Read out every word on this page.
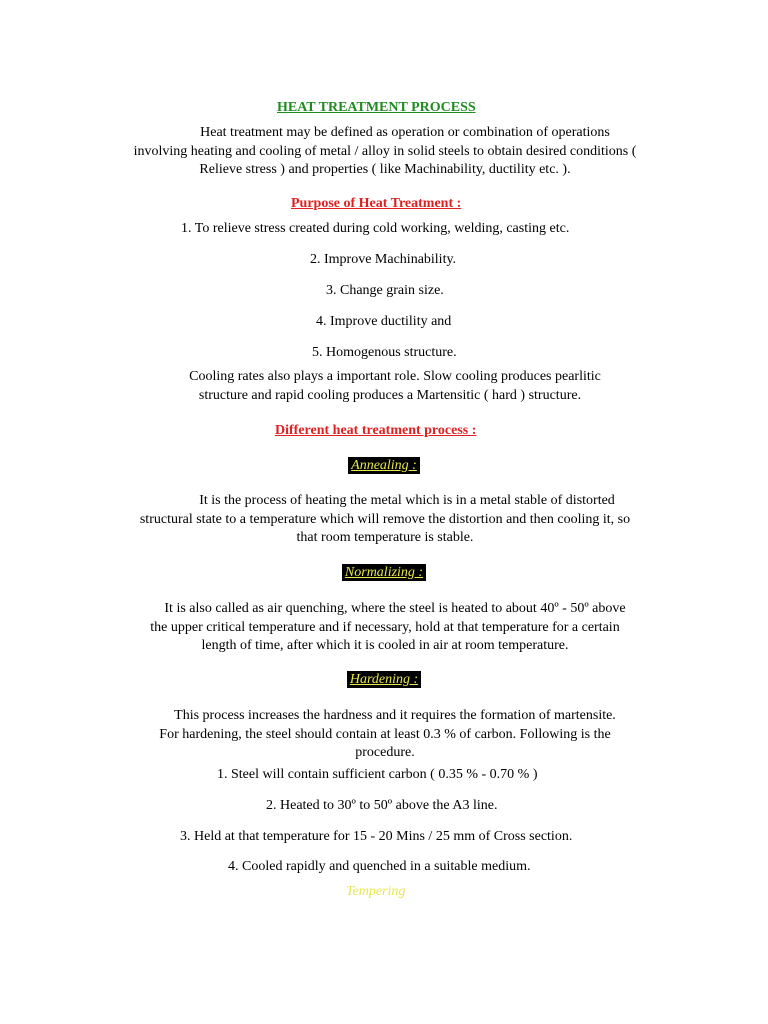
HEAT TREATMENT PROCESS
Heat treatment may be defined as operation or combination of operations
involving heating and cooling of metal / alloy in solid steels to obtain desired conditions (
Relieve stress ) and properties ( like Machinability, ductility etc. ).
Purpose of Heat Treatment :
1. To relieve stress created during cold working, welding, casting etc.
2. Improve Machinability.
3. Change grain size.
4. Improve ductility and
5. Homogenous structure.
Cooling rates also plays a important role. Slow cooling produces pearlitic
structure and rapid cooling produces a Martensitic ( hard ) structure.
Different heat treatment process :
Annealing :
It is the process of heating the metal which is in a metal stable of distorted
structural state to a temperature which will remove the distortion and then cooling it, so
that room temperature is stable.
Normalizing :
It is also called as air quenching, where the steel is heated to about 40º - 50º above
the upper critical temperature and if necessary, hold at that temperature for a certain
length of time, after which it is cooled in air at room temperature.
Hardening :
This process increases the hardness and it requires the formation of martensite.
For hardening, the steel should contain at least 0.3 % of carbon. Following is the
procedure.
1. Steel will contain sufficient carbon ( 0.35 % - 0.70 % )
2. Heated to 30º to 50º above the A3 line.
3. Held at that temperature for 15 - 20 Mins / 25 mm of Cross section.
4. Cooled rapidly and quenched in a suitable medium.
Tempering
